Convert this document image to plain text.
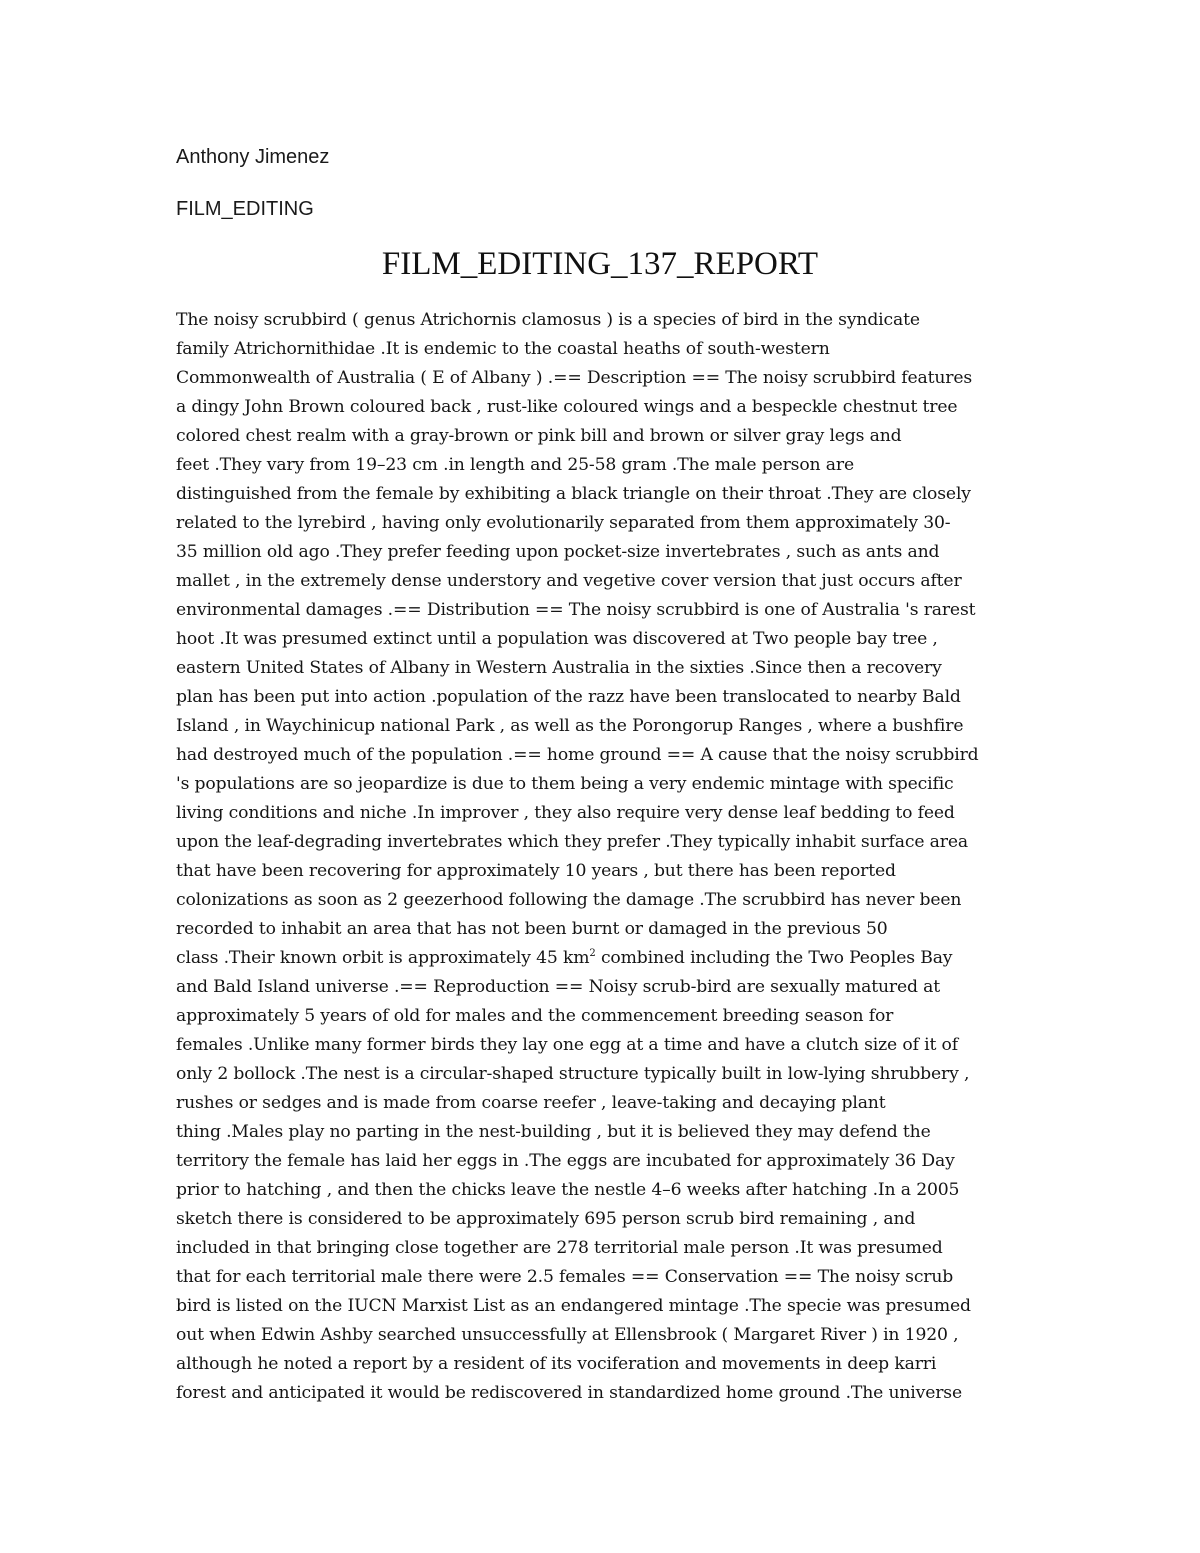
Anthony Jimenez
FILM_EDITING
FILM_EDITING_137_REPORT
The noisy scrubbird ( genus Atrichornis clamosus ) is a species of bird in the syndicate
family Atrichornithidae .It is endemic to the coastal heaths of south-western
Commonwealth of Australia ( E of Albany ) .== Description == The noisy scrubbird features
a dingy John Brown coloured back , rust-like coloured wings and a bespeckle chestnut tree
colored chest realm with a gray-brown or pink bill and brown or silver gray legs and
feet .They vary from 19–23 cm .in length and 25-58 gram .The male person are
distinguished from the female by exhibiting a black triangle on their throat .They are closely
related to the lyrebird , having only evolutionarily separated from them approximately 30-
35 million old ago .They prefer feeding upon pocket-size invertebrates , such as ants and
mallet , in the extremely dense understory and vegetive cover version that just occurs after
environmental damages .== Distribution == The noisy scrubbird is one of Australia 's rarest
hoot .It was presumed extinct until a population was discovered at Two people bay tree ,
eastern United States of Albany in Western Australia in the sixties .Since then a recovery
plan has been put into action .population of the razz have been translocated to nearby Bald
Island , in Waychinicup national Park , as well as the Porongorup Ranges , where a bushfire
had destroyed much of the population .== home ground == A cause that the noisy scrubbird
's populations are so jeopardize is due to them being a very endemic mintage with specific
living conditions and niche .In improver , they also require very dense leaf bedding to feed
upon the leaf-degrading invertebrates which they prefer .They typically inhabit surface area
that have been recovering for approximately 10 years , but there has been reported
colonizations as soon as 2 geezerhood following the damage .The scrubbird has never been
recorded to inhabit an area that has not been burnt or damaged in the previous 50
class .Their known orbit is approximately 45 $km^2$ combined including the Two Peoples Bay
and Bald Island universe .== Reproduction == Noisy scrub-bird are sexually matured at
approximately 5 years of old for males and the commencement breeding season for
females .Unlike many former birds they lay one egg at a time and have a clutch size of it of
only 2 bollock .The nest is a circular-shaped structure typically built in low-lying shrubbery ,
rushes or sedges and is made from coarse reefer , leave-taking and decaying plant
thing .Males play no parting in the nest-building , but it is believed they may defend the
territory the female has laid her eggs in .The eggs are incubated for approximately 36 Day
prior to hatching , and then the chicks leave the nestle 4–6 weeks after hatching .In a 2005
sketch there is considered to be approximately 695 person scrub bird remaining , and
included in that bringing close together are 278 territorial male person .It was presumed
that for each territorial male there were 2.5 females == Conservation == The noisy scrub
bird is listed on the IUCN Marxist List as an endangered mintage .The specie was presumed
out when Edwin Ashby searched unsuccessfully at Ellensbrook ( Margaret River ) in 1920 ,
although he noted a report by a resident of its vociferation and movements in deep karri
forest and anticipated it would be rediscovered in standardized home ground .The universe
